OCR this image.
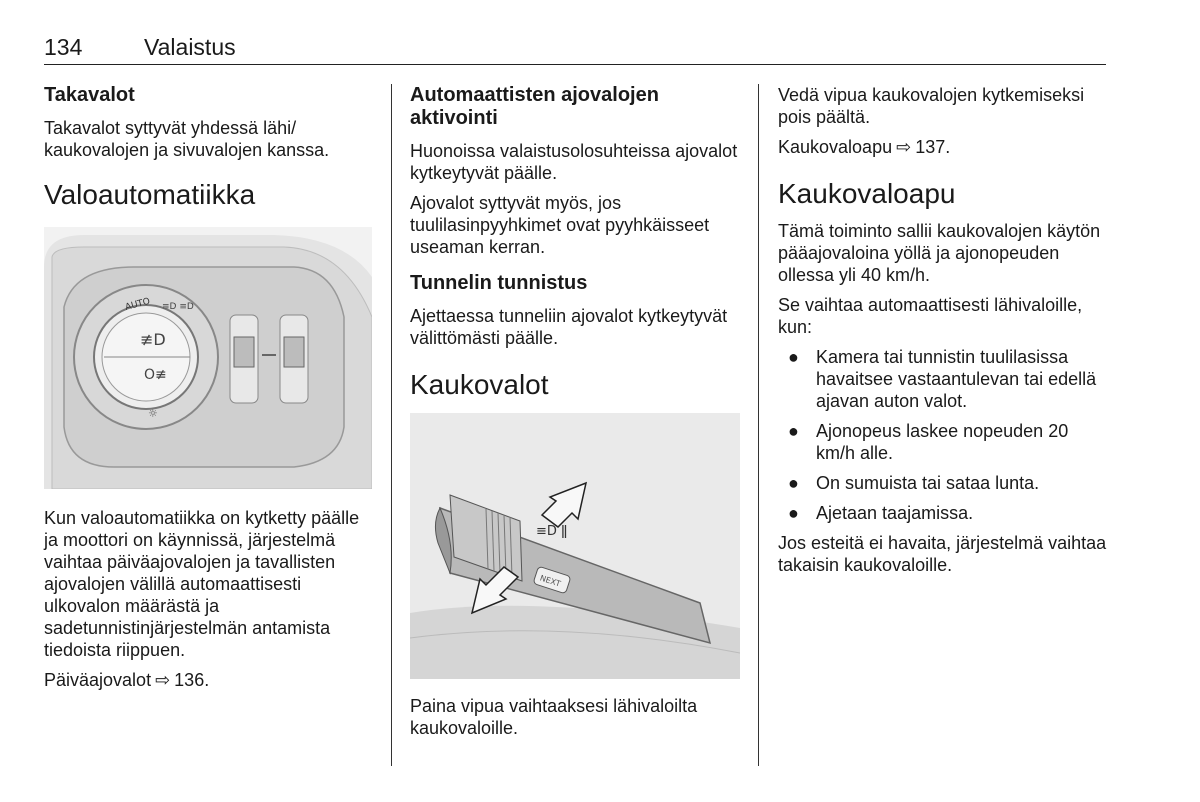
134	Valaistus
Takavalot
Takavalot syttyvät yhdessä lähi/
kaukovalojen ja sivuvalojen kanssa.
Valoautomatiikka
AUTO ≡D ≡D
≢D
O≢
☼
Kun valoautomatiikka on kytketty päälle ja moottori on käynnissä, järjestelmä vaihtaa päiväajovalojen ja tavallisten ajovalojen välillä automaattisesti ulkovalon määrästä ja sadetunnistinjärjestelmän antamista tiedoista riippuen.
Päiväajovalot ⇨ 136.
Automaattisten ajovalojen aktivointi
Huonoissa valaistusolosuhteissa ajovalot kytkeytyvät päälle.
Ajovalot syttyvät myös, jos tuulilasinpyyhkimet ovat pyyhkäisseet useaman kerran.
Tunnelin tunnistus
Ajettaessa tunneliin ajovalot kytkeytyvät välittömästi päälle.
Kaukovalot
NEXT
≡D ǁ
Paina vipua vaihtaaksesi lähivaloilta kaukovaloille.
Vedä vipua kaukovalojen kytkemiseksi pois päältä.
Kaukovaloapu ⇨ 137.
Kaukovaloapu
Tämä toiminto sallii kaukovalojen käytön pääajovaloina yöllä ja ajonopeuden ollessa yli 40 km/h.
Se vaihtaa automaattisesti lähivaloille, kun:
● Kamera tai tunnistin tuulilasissa havaitsee vastaantulevan tai edellä ajavan auton valot.
● Ajonopeus laskee nopeuden 20 km/h alle.
● On sumuista tai sataa lunta.
● Ajetaan taajamissa.
Jos esteitä ei havaita, järjestelmä vaihtaa takaisin kaukovaloille.
